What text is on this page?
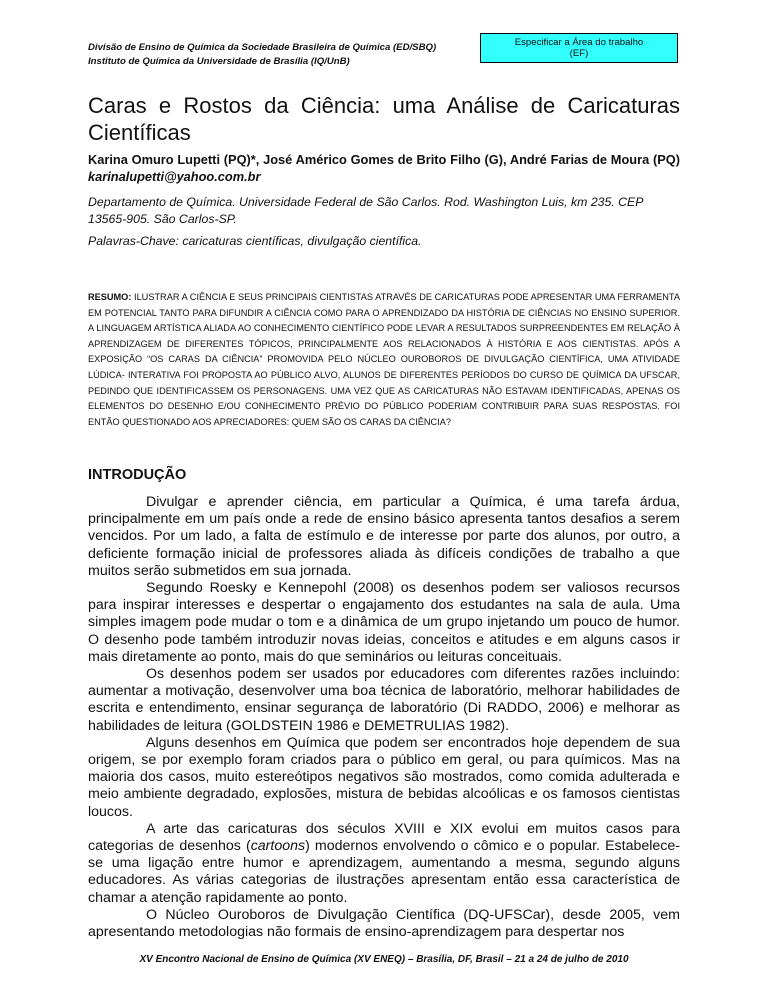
Divisão de Ensino de Química da Sociedade Brasileira de Química (ED/SBQ)
Instituto de Química da Universidade de Brasília (IQ/UnB)
Especificar a Área do trabalho
(EF)
Caras e Rostos da Ciência: uma Análise de Caricaturas Científicas
Karina Omuro Lupetti (PQ)*, José Américo Gomes de Brito Filho (G), André Farias de Moura (PQ) karinalupetti@yahoo.com.br
Departamento de Química. Universidade Federal de São Carlos. Rod. Washington Luis, km 235. CEP 13565-905. São Carlos-SP.
Palavras-Chave: caricaturas científicas, divulgação científica.
RESUMO: ILUSTRAR A CIÊNCIA E SEUS PRINCIPAIS CIENTISTAS ATRAVÉS DE CARICATURAS PODE APRESENTAR UMA FERRAMENTA EM POTENCIAL TANTO PARA DIFUNDIR A CIÊNCIA COMO PARA O APRENDIZADO DA HISTÓRIA DE CIÊNCIAS NO ENSINO SUPERIOR. A LINGUAGEM ARTÍSTICA ALIADA AO CONHECIMENTO CIENTÍFICO PODE LEVAR A RESULTADOS SURPREENDENTES EM RELAÇÃO À APRENDIZAGEM DE DIFERENTES TÓPICOS, PRINCIPALMENTE AOS RELACIONADOS À HISTÓRIA E AOS CIENTISTAS. APÓS A EXPOSIÇÃO “OS CARAS DA CIÊNCIA” PROMOVIDA PELO NÚCLEO OUROBOROS DE DIVULGAÇÃO CIENTÍFICA, UMA ATIVIDADE LÚDICA- INTERATIVA FOI PROPOSTA AO PÚBLICO ALVO, ALUNOS DE DIFERENTES PERÍODOS DO CURSO DE QUÍMICA DA UFSCAR, PEDINDO QUE IDENTIFICASSEM OS PERSONAGENS. UMA VEZ QUE AS CARICATURAS NÃO ESTAVAM IDENTIFICADAS, APENAS OS ELEMENTOS DO DESENHO E/OU CONHECIMENTO PRÉVIO DO PÚBLICO PODERIAM CONTRIBUIR PARA SUAS RESPOSTAS. FOI ENTÃO QUESTIONADO AOS APRECIADORES: QUEM SÃO OS CARAS DA CIÊNCIA?
INTRODUÇÃO

Divulgar e aprender ciência, em particular a Química, é uma tarefa árdua, principalmente em um país onde a rede de ensino básico apresenta tantos desafios a serem vencidos. Por um lado, a falta de estímulo e de interesse por parte dos alunos, por outro, a deficiente formação inicial de professores aliada às difíceis condições de trabalho a que muitos serão submetidos em sua jornada.

Segundo Roesky e Kennepohl (2008) os desenhos podem ser valiosos recursos para inspirar interesses e despertar o engajamento dos estudantes na sala de aula. Uma simples imagem pode mudar o tom e a dinâmica de um grupo injetando um pouco de humor. O desenho pode também introduzir novas ideias, conceitos e atitudes e em alguns casos ir mais diretamente ao ponto, mais do que seminários ou leituras conceituais.

Os desenhos podem ser usados por educadores com diferentes razões incluindo: aumentar a motivação, desenvolver uma boa técnica de laboratório, melhorar habilidades de escrita e entendimento, ensinar segurança de laboratório (Di RADDO, 2006) e melhorar as habilidades de leitura (GOLDSTEIN 1986 e DEMETRULIAS 1982).

Alguns desenhos em Química que podem ser encontrados hoje dependem de sua origem, se por exemplo foram criados para o público em geral, ou para químicos. Mas na maioria dos casos, muito estereótipos negativos são mostrados, como comida adulterada e meio ambiente degradado, explosões, mistura de bebidas alcoólicas e os famosos cientistas loucos.

A arte das caricaturas dos séculos XVIII e XIX evolui em muitos casos para categorias de desenhos (cartoons) modernos envolvendo o cômico e o popular. Estabelece-se uma ligação entre humor e aprendizagem, aumentando a mesma, segundo alguns educadores. As várias categorias de ilustrações apresentam então essa característica de chamar a atenção rapidamente ao ponto.

O Núcleo Ouroboros de Divulgação Científica (DQ-UFSCar), desde 2005, vem apresentando metodologias não formais de ensino-aprendizagem para despertar nos

XV Encontro Nacional de Ensino de Química (XV ENEQ) – Brasília, DF, Brasil – 21 a 24 de julho de 2010
